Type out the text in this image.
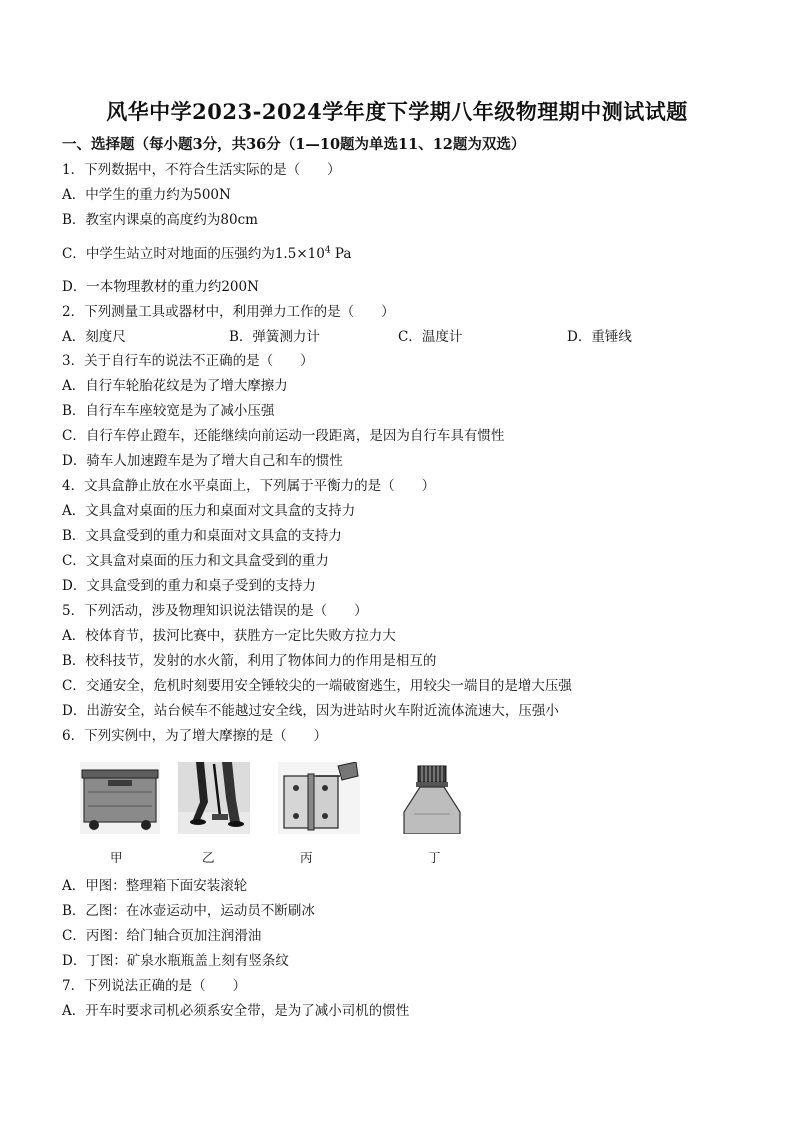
风华中学2023-2024学年度下学期八年级物理期中测试试题
一、选择题（每小题3分，共36分（1—10题为单选11、12题为双选）
1．下列数据中，不符合生活实际的是（　　）
A．中学生的重力约为500N
B．教室内课桌的高度约为80cm
C．中学生站立时对地面的压强约为$1.5\times 10^4$ Pa
D．一本物理教材的重力约200N
2．下列测量工具或器材中，利用弹力工作的是（　　）
A．刻度尺	B．弹簧测力计	C．温度计	D．重锤线
3．关于自行车的说法不正确的是（　　）
A．自行车轮胎花纹是为了增大摩擦力
B．自行车车座较宽是为了减小压强
C．自行车停止蹬车，还能继续向前运动一段距离，是因为自行车具有惯性
D．骑车人加速蹬车是为了增大自己和车的惯性
4．文具盒静止放在水平桌面上，下列属于平衡力的是（　　）
A．文具盒对桌面的压力和桌面对文具盒的支持力
B．文具盒受到的重力和桌面对文具盒的支持力
C．文具盒对桌面的压力和文具盒受到的重力
D．文具盒受到的重力和桌子受到的支持力
5．下列活动，涉及物理知识说法错误的是（　　）
A．校体育节，拔河比赛中，获胜方一定比失败方拉力大
B．校科技节，发射的水火箭，利用了物体间力的作用是相互的
C．交通安全，危机时刻要用安全锤较尖的一端破窗逃生，用较尖一端目的是增大压强
D．出游安全，站台候车不能越过安全线，因为进站时火车附近流体流速大，压强小
6．下列实例中，为了增大摩擦的是（　　）
甲	乙	丙	丁
A．甲图：整理箱下面安装滚轮
B．乙图：在冰壶运动中，运动员不断刷冰
C．丙图：给门轴合页加注润滑油
D．丁图：矿泉水瓶瓶盖上刻有竖条纹
7．下列说法正确的是（　　）
A．开车时要求司机必须系安全带，是为了减小司机的惯性
